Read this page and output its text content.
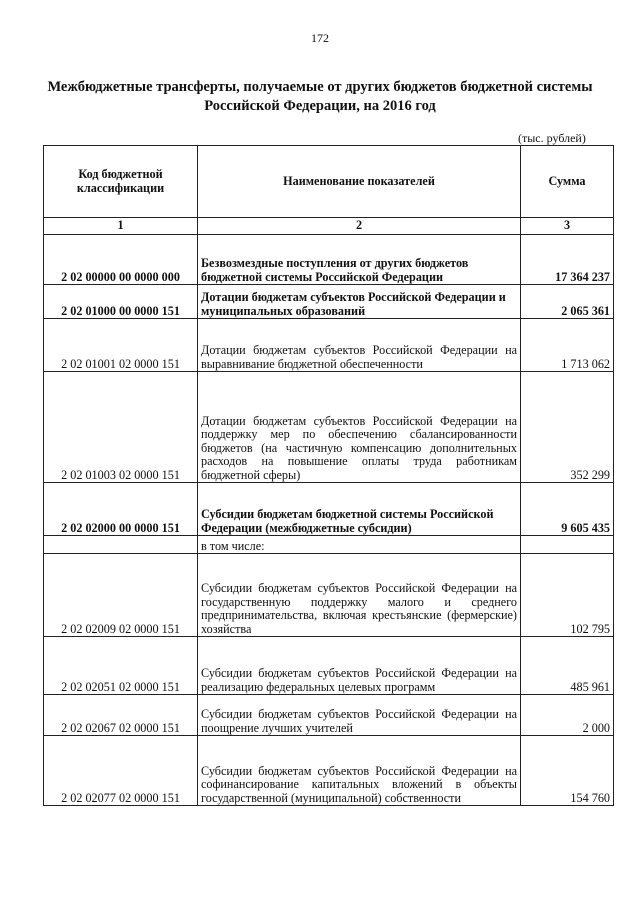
172
Межбюджетные трансферты, получаемые от других бюджетов бюджетной системы Российской Федерации, на 2016 год
(тыс. рублей)
Код бюджетной классификации	Наименование показателей	Сумма
1	2	3
2 02 00000 00 0000 000	Безвозмездные поступления от других бюджетов бюджетной системы Российской Федерации	17 364 237
2 02 01000 00 0000 151	Дотации бюджетам субъектов Российской Федерации и муниципальных образований	2 065 361
2 02 01001 02 0000 151	Дотации бюджетам субъектов Российской Федерации на выравнивание бюджетной обеспеченности	1 713 062
2 02 01003 02 0000 151	Дотации бюджетам субъектов Российской Федерации на поддержку мер по обеспечению сбалансированности бюджетов (на частичную компенсацию дополнительных расходов на повышение оплаты труда работникам бюджетной сферы)	352 299
2 02 02000 00 0000 151	Субсидии бюджетам бюджетной системы Российской Федерации (межбюджетные субсидии)	9 605 435
	в том числе:	
2 02 02009 02 0000 151	Субсидии бюджетам субъектов Российской Федерации на государственную поддержку малого и среднего предпринимательства, включая крестьянские (фермерские) хозяйства	102 795
2 02 02051 02 0000 151	Субсидии бюджетам субъектов Российской Федерации на реализацию федеральных целевых программ	485 961
2 02 02067 02 0000 151	Субсидии бюджетам субъектов Российской Федерации на поощрение лучших учителей	2 000
2 02 02077 02 0000 151	Субсидии бюджетам субъектов Российской Федерации на софинансирование капитальных вложений в объекты государственной (муниципальной) собственности	154 760
